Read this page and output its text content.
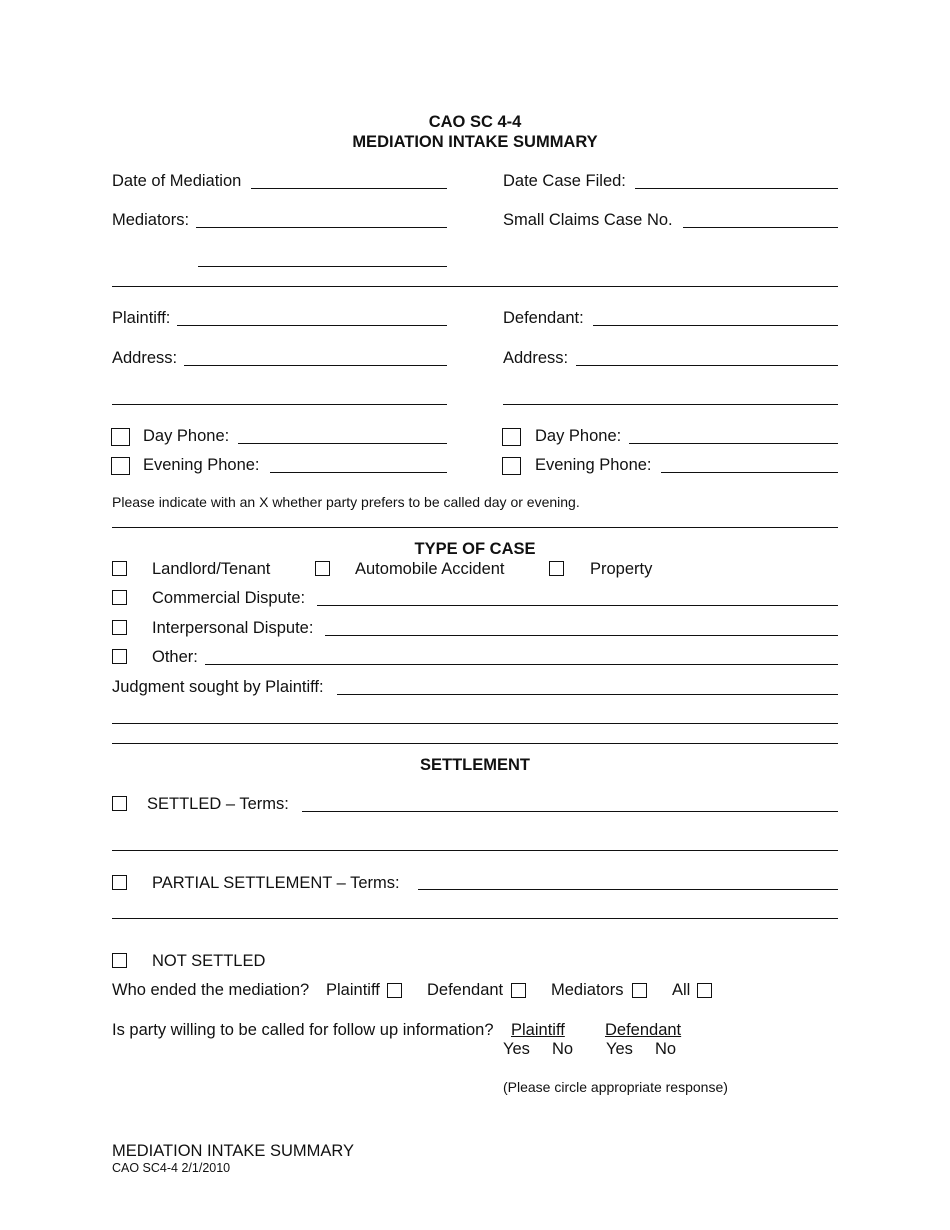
CAO SC 4-4
MEDIATION INTAKE SUMMARY
Date of Mediation	Date Case Filed:
Mediators:	Small Claims Case No.
Plaintiff:	Defendant:
Address:	Address:
Day Phone:	Day Phone:
Evening Phone:	Evening Phone:
Please indicate with an X whether party prefers to be called day or evening.
TYPE OF CASE
Landlord/Tenant	Automobile Accident	Property
Commercial Dispute:
Interpersonal Dispute:
Other:
Judgment sought by Plaintiff:
SETTLEMENT
SETTLED – Terms:
PARTIAL SETTLEMENT – Terms:
NOT SETTLED
Who ended the mediation? Plaintiff	Defendant	Mediators	All
Is party willing to be called for follow up information? Plaintiff Defendant
Yes No Yes No
(Please circle appropriate response)
MEDIATION INTAKE SUMMARY
CAO SC4-4 2/1/2010
